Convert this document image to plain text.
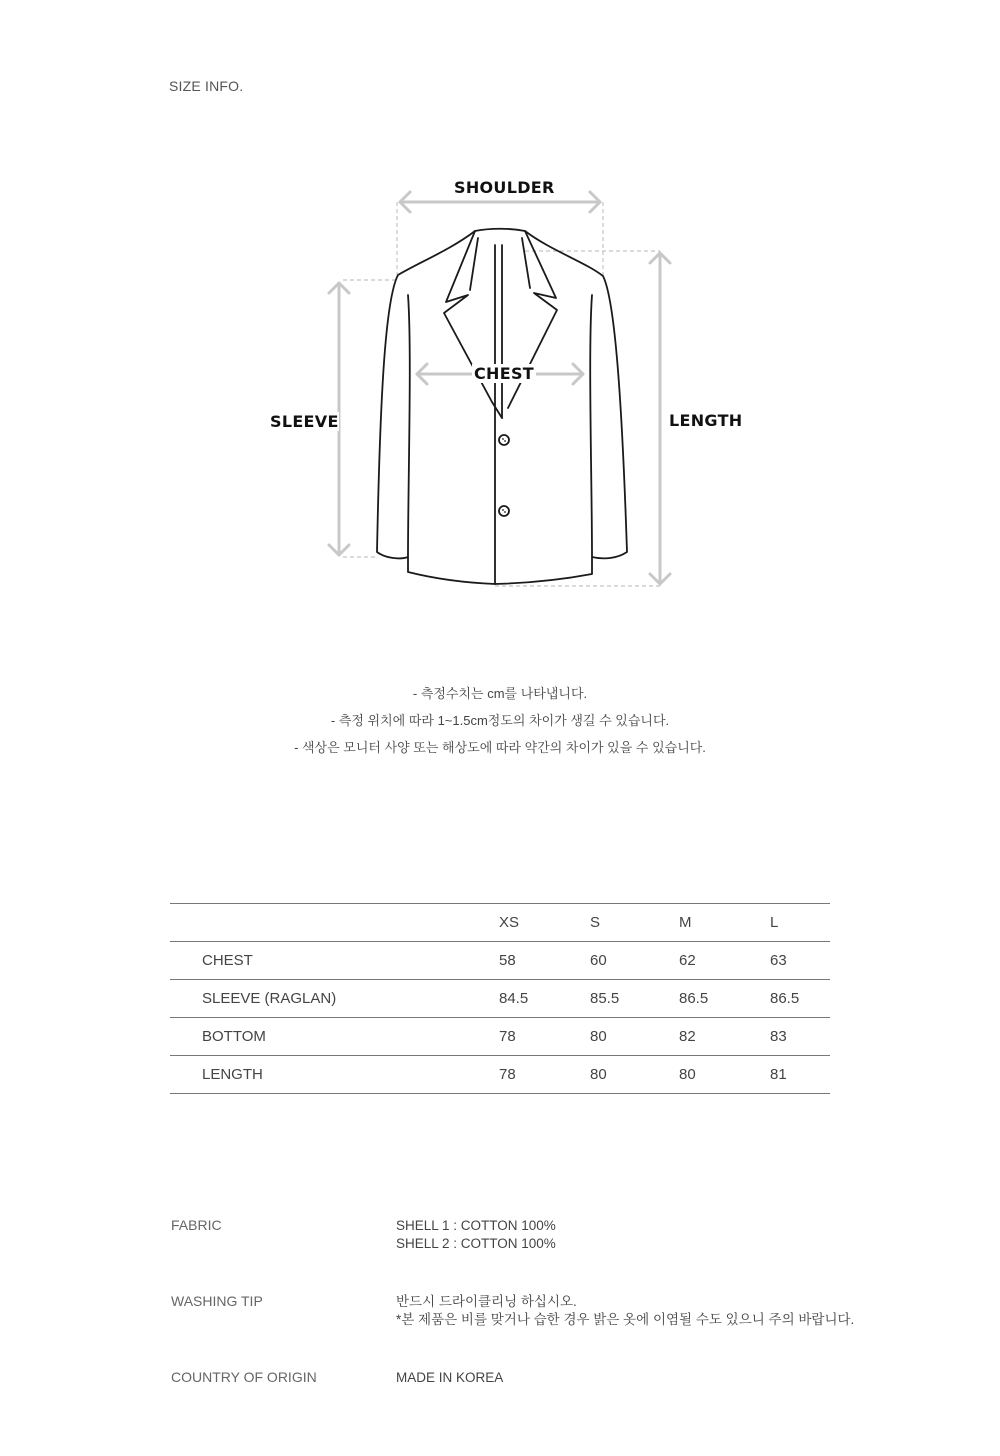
SIZE INFO.
SHOULDER
CHEST
SLEEVE	LENGTH
- 측정수치는 cm를 나타냅니다.
- 측정 위치에 따라 1~1.5cm정도의 차이가 생길 수 있습니다.
- 색상은 모니터 사양 또는 해상도에 따라 약간의 차이가 있을 수 있습니다.
	XS	S	M	L
CHEST	58	60	62	63
SLEEVE (RAGLAN)	84.5	85.5	86.5	86.5
BOTTOM	78	80	82	83
LENGTH	78	80	80	81
FABRIC	SHELL 1 : COTTON 100%
SHELL 2 : COTTON 100%
WASHING TIP	반드시 드라이클리닝 하십시오.
*본 제품은 비를 맞거나 습한 경우 밝은 옷에 이염될 수도 있으니 주의 바랍니다.
COUNTRY OF ORIGIN	MADE IN KOREA
